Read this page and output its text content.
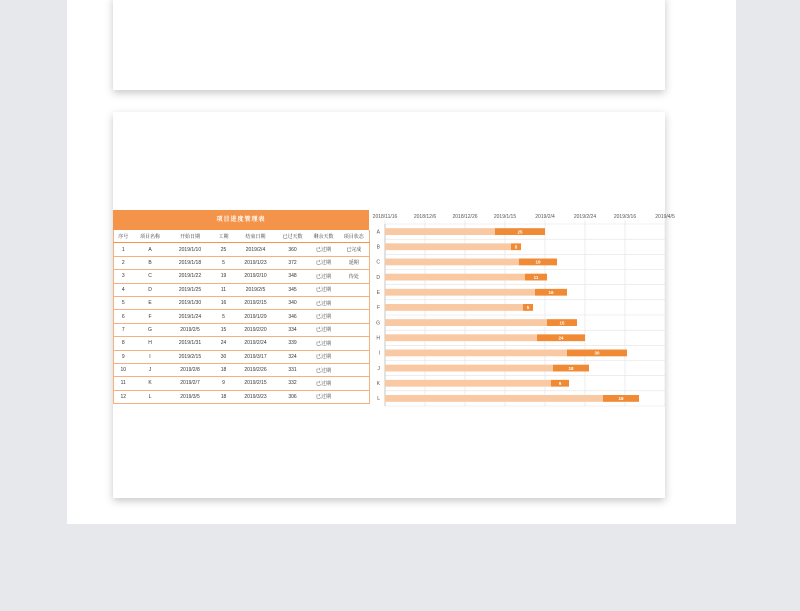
项目进度管理表
序号	项目名称	开始日期	工期	结束日期	已过天数	剩余天数	项目状态
1	A	2019/1/10	25	2019/2/4	360	已过期	已完成
2	B	2019/1/18	5	2019/1/23	372	已过期	延期
3	C	2019/1/22	19	2019/2/10	348	已过期	待处
4	D	2019/1/25	11	2019/2/5	345	已过期	
5	E	2019/1/30	16	2019/2/15	340	已过期	
6	F	2019/1/24	5	2019/1/29	346	已过期	
7	G	2019/2/5	15	2019/2/20	334	已过期	
8	H	2019/1/31	24	2019/2/24	339	已过期	
9	I	2019/2/15	30	2019/3/17	324	已过期	
10	J	2019/2/8	18	2019/2/26	331	已过期	
11	K	2019/2/7	9	2019/2/15	332	已过期	
12	L	2019/3/5	18	2019/3/23	306	已过期	
2018/11/16	2018/12/6	2018/12/26	2019/1/15	2019/2/4	2019/2/24	2019/3/16	2019/4/5
A	25
B	5
C	19
D	11
E	16
F	5
G	15
H	24
I	30
J	18
K	9
L	18
